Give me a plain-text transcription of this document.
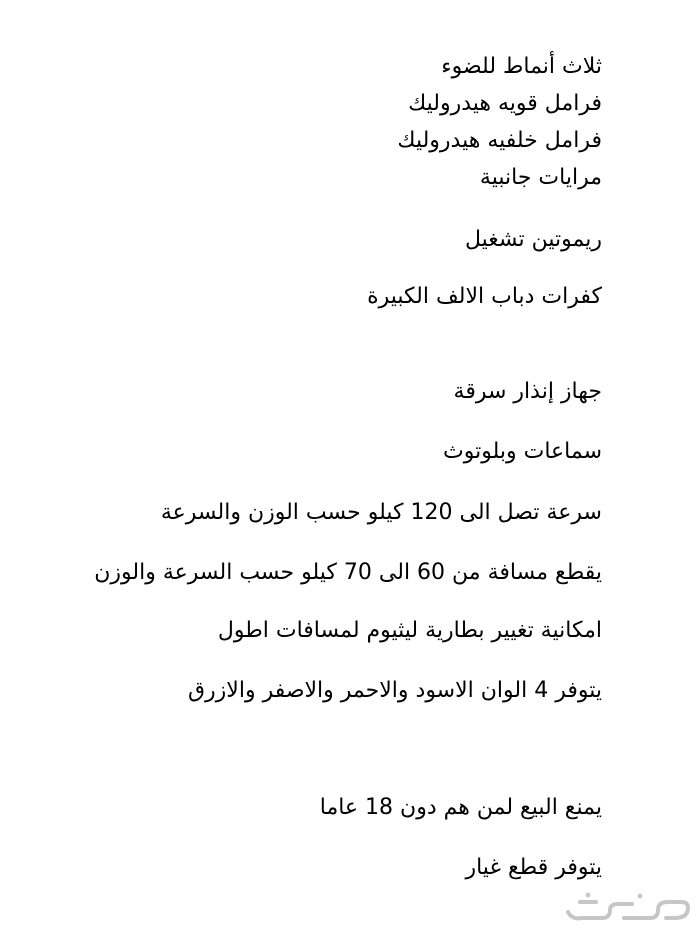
ثلاث أنماط للضوء

فرامل قويه هيدروليك

فرامل خلفيه هيدروليك

مرايات جانبية

ريموتين تشغيل

كفرات دباب الالف الكبيرة

جهاز إنذار سرقة

سماعات وبلوتوث

سرعة تصل الى 120 كيلو حسب الوزن والسرعة

يقطع مسافة من 60 الى 70 كيلو حسب السرعة والوزن

امكانية تغيير بطارية ليثيوم لمسافات اطول

يتوفر 4 الوان الاسود والاحمر والاصفر والازرق

يمنع البيع لمن هم دون 18 عاما

يتوفر قطع غيار
